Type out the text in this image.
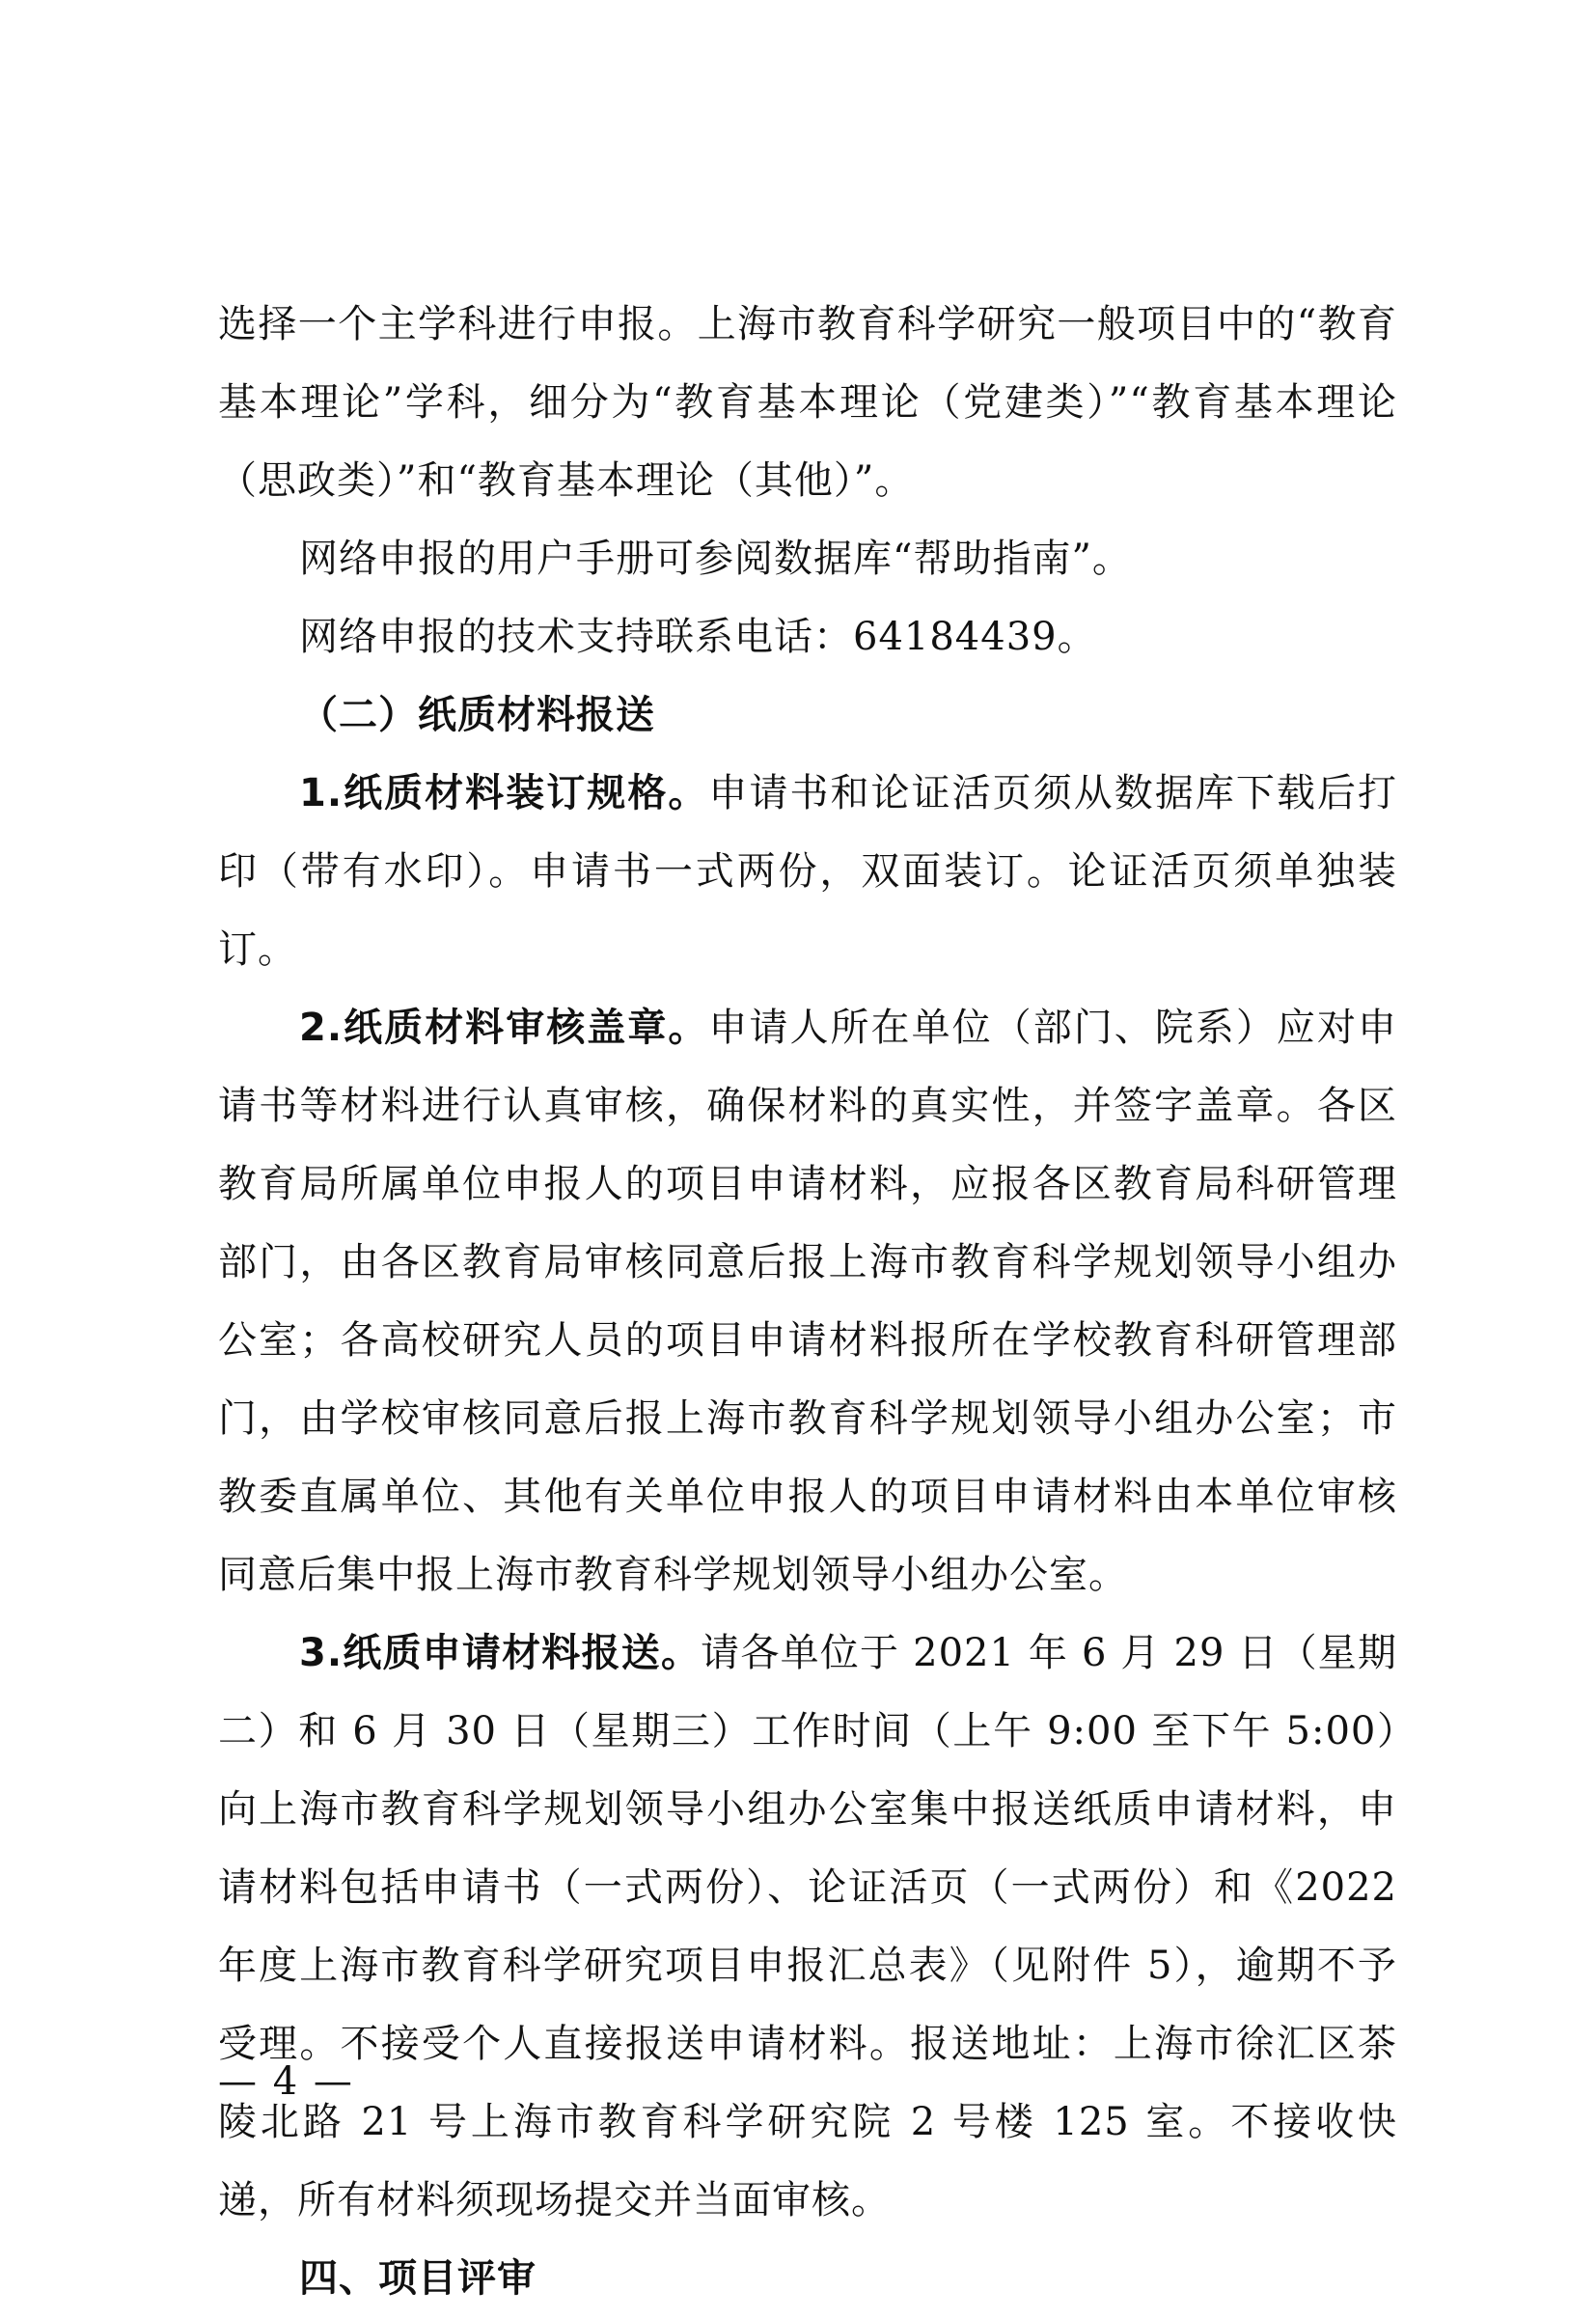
选择一个主学科进行申报。上海市教育科学研究一般项目中的“教育基本理论”学科，细分为“教育基本理论（党建类）”“教育基本理论（思政类）”和“教育基本理论（其他）”。

网络申报的用户手册可参阅数据库“帮助指南”。

网络申报的技术支持联系电话：64184439。

（二）纸质材料报送

1.纸质材料装订规格。申请书和论证活页须从数据库下载后打印（带有水印）。申请书一式两份，双面装订。论证活页须单独装订。

2.纸质材料审核盖章。申请人所在单位（部门、院系）应对申请书等材料进行认真审核，确保材料的真实性，并签字盖章。各区教育局所属单位申报人的项目申请材料，应报各区教育局科研管理部门，由各区教育局审核同意后报上海市教育科学规划领导小组办公室；各高校研究人员的项目申请材料报所在学校教育科研管理部门，由学校审核同意后报上海市教育科学规划领导小组办公室；市教委直属单位、其他有关单位申报人的项目申请材料由本单位审核同意后集中报上海市教育科学规划领导小组办公室。

3.纸质申请材料报送。请各单位于 2021 年 6 月 29 日（星期二）和 6 月 30 日（星期三）工作时间（上午 9:00 至下午 5:00）向上海市教育科学规划领导小组办公室集中报送纸质申请材料，申请材料包括申请书（一式两份）、论证活页（一式两份）和《2022 年度上海市教育科学研究项目申报汇总表》（见附件 5），逾期不予受理。不接受个人直接报送申请材料。报送地址：上海市徐汇区茶陵北路 21 号上海市教育科学研究院 2 号楼 125 室。不接收快递，所有材料须现场提交并当面审核。

四、项目评审

— 4 —
